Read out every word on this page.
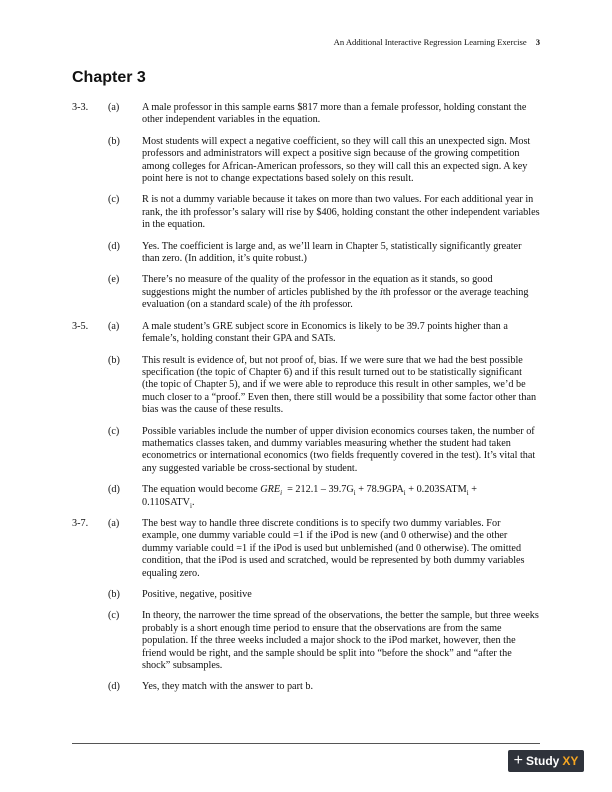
An Additional Interactive Regression Learning Exercise 3
Chapter 3
3-3. (a) A male professor in this sample earns $817 more than a female professor, holding constant the other independent variables in the equation.

(b) Most students will expect a negative coefficient, so they will call this an unexpected sign. Most professors and administrators will expect a positive sign because of the growing competition among colleges for African-American professors, so they will call this an expected sign. A key point here is not to change expectations based solely on this result.

(c) R is not a dummy variable because it takes on more than two values. For each additional year in rank, the ith professor’s salary will rise by $406, holding constant the other independent variables in the equation.

(d) Yes. The coefficient is large and, as we’ll learn in Chapter 5, statistically significantly greater than zero. (In addition, it’s quite robust.)

(e) There’s no measure of the quality of the professor in the equation as it stands, so good suggestions might the number of articles published by the ith professor or the average teaching evaluation (on a standard scale) of the ith professor.

3-5. (a) A male student’s GRE subject score in Economics is likely to be 39.7 points higher than a female’s, holding constant their GPA and SATs.

(b) This result is evidence of, but not proof of, bias. If we were sure that we had the best possible specification (the topic of Chapter 6) and if this result turned out to be statistically significant (the topic of Chapter 5), and if we were able to reproduce this result in other samples, we’d be much closer to a “proof.” Even then, there still would be a possibility that some factor other than bias was the cause of these results.

(c) Possible variables include the number of upper division economics courses taken, the number of mathematics classes taken, and dummy variables measuring whether the student had taken econometrics or international economics (two fields frequently covered in the test). It’s vital that any suggested variable be cross-sectional by student.

(d) The equation would become $GRE_i = 212.1 - 39.7G_i + 78.9GPA_i$ + $0.203SATM_i$ +
$0.110SATV_i$.

3-7. (a) The best way to handle three discrete conditions is to specify two dummy variables. For example, one dummy variable could =1 if the iPod is new (and 0 otherwise) and the other dummy variable could =1 if the iPod is used but unblemished (and 0 otherwise). The omitted condition, that the iPod is used and scratched, would be represented by both dummy variables equaling zero.

(b) Positive, negative, positive

(c) In theory, the narrower the time spread of the observations, the better the sample, but three weeks probably is a short enough time period to ensure that the observations are from the same population. If the three weeks included a major shock to the iPod market, however, then the friend would be right, and the sample should be split into “before the shock” and “after the shock” subsamples.

(d) Yes, they match with the answer to part b.

+ Study XY
